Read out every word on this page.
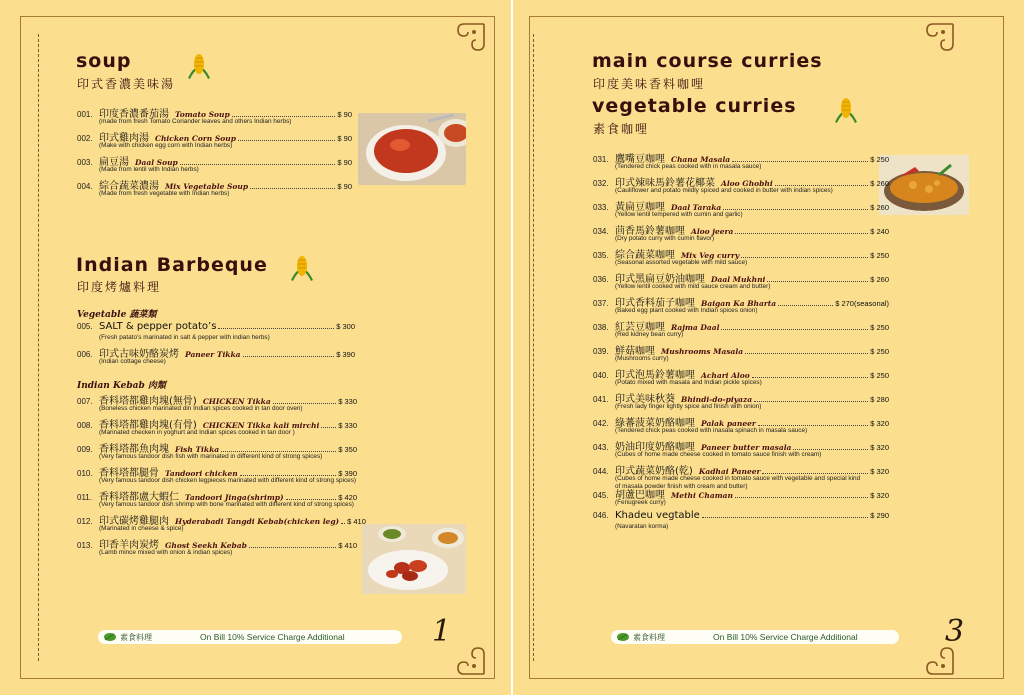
soup
印式香濃美味湯
Indian Barbeque
印度烤爐料理
Vegetable 蔬菜類
Indian Kebab 肉類
素食料理	On Bill 10% Service Charge Additional	1
001. 印度香濃番茄湯 Tomato Soup	$ 90
(made from fresh Tomato Coriander leaves and others Indian herbs)
002. 印式雞肉湯 Chicken Corn Soup	$ 90
(Make with chicken egg corn with Indian herbs)
003. 扁豆湯 Daal Soup	$ 90
(Made from lentil with Indian herbs)
004. 綜合蔬菜濃湯 Mix Vegetable Soup	$ 90
(Made from fresh vegetable with Indian herbs)
005. SALT & pepper potato’s	$ 300
(Fresh patato’s marinated in salt & pepper with indian herbs)
006. 印式古味奶酪炭烤 Paneer Tikka	$ 390
(Indian cottage cheese)
007. 香料塔都雞肉塊(無骨) CHICKEN Tikka	$ 330
(Boneless chicken marinated din Indian spices cooked in tan door oven)
008. 香料塔都雞肉塊(有骨) CHICKEN Tikka kali mirchi	$ 330
(Marinated checken in yoghurt and Indian spices cooked in tan door )
009. 香料塔都魚肉塊 Fish Tikka	$ 350
(Very famous tandoor dish fish with marinated in different kind of strong spices)
010. 香料塔都腿骨 Tandoori chicken	$ 390
(Very famous tandoor dish chicken legpieces marinated with different kind of strong spices)
011. 香料塔都盧大蝦仁 Tandoori Jinga(shrimp)	$ 420
(Very famous tandoor dish shrimp with bone marinated with different kind of strong spices)
012. 印式碳烤雞腿肉 Hyderabadi Tangdi Kebab(chicken leg) $ 410
(Marinated in cheese & spice)
013. 印香羊肉炭烤 Ghost Seekh Kebab	$ 410
(Lamb mince mixed with onion & indian spices)
main course curries
印度美味香料咖哩
vegetable curries
素食咖哩
素食料理	On Bill 10% Service Charge Additional	3
031. 鷹嘴豆咖哩 Chana Masala	$ 250
(Tendered chick peas cooked with in masala sauce)
032. 印式辣味馬鈴薯花椰菜 Aloo Ghobhi	$ 260
(Cauliflower and potato mildly spiced and cooked in butter with indian spices)
033. 黃扁豆咖哩 Daal Taraka	$ 260
(Yellow lentil tempered with cumin and garlic)
034. 茴香馬鈴薯咖哩 Aloo jeera	$ 240
(Dry potato curry with cumin flavor)
035. 綜合蔬菜咖哩 Mix Veg curry	$ 250
(Seasonal assorted vegetable with mild sauce)
036. 印式黑扁豆奶油咖哩 Daal Mukhni	$ 260
(Yellow lentil cooked with mild sauce cream and butter)
037. 印式香料茄子咖哩 Baigan Ka Bharta	$ 270(seasonal)
(Baked egg plant cooked with Indian spices onion)
038. 紅芸豆咖哩 Rajma Daal	$ 250
(Red kidney bean curry)
039. 鮮菇咖哩 Mushrooms Masala	$ 250
(Mushrooms curry)
040. 印式泡馬鈴薯咖哩 Achari Aloo	$ 250
(Potato mixed with masala and Indian pickle spices)
041. 印式美味秋葵 Bhindi-do-piyaza	$ 280
(Fresh lady finger lightly spice and finish with onion)
042. 綠蕃菠菜奶酪咖哩 Palak paneer	$ 320
(Tendered chick peas cooked with inasala spinach in masala sauce)
043. 奶油印度奶酪咖哩 Paneer butter masala	$ 320
(Cubes of home made cheese cooked in tomato sauce finish with cream)
044. 印式蔬菜奶酪(乾) Kadhai Paneer	$ 320
(Cubes of home made cheese cooked in tomato sauce with vegetable and special kind
of masala powder finish with cream and butter)
045. 胡蘆巴咖哩 Methi Chaman	$ 320
(Fenugreek curry)
046. Khadeu vegtable	$ 290
(Navaratan korma)
